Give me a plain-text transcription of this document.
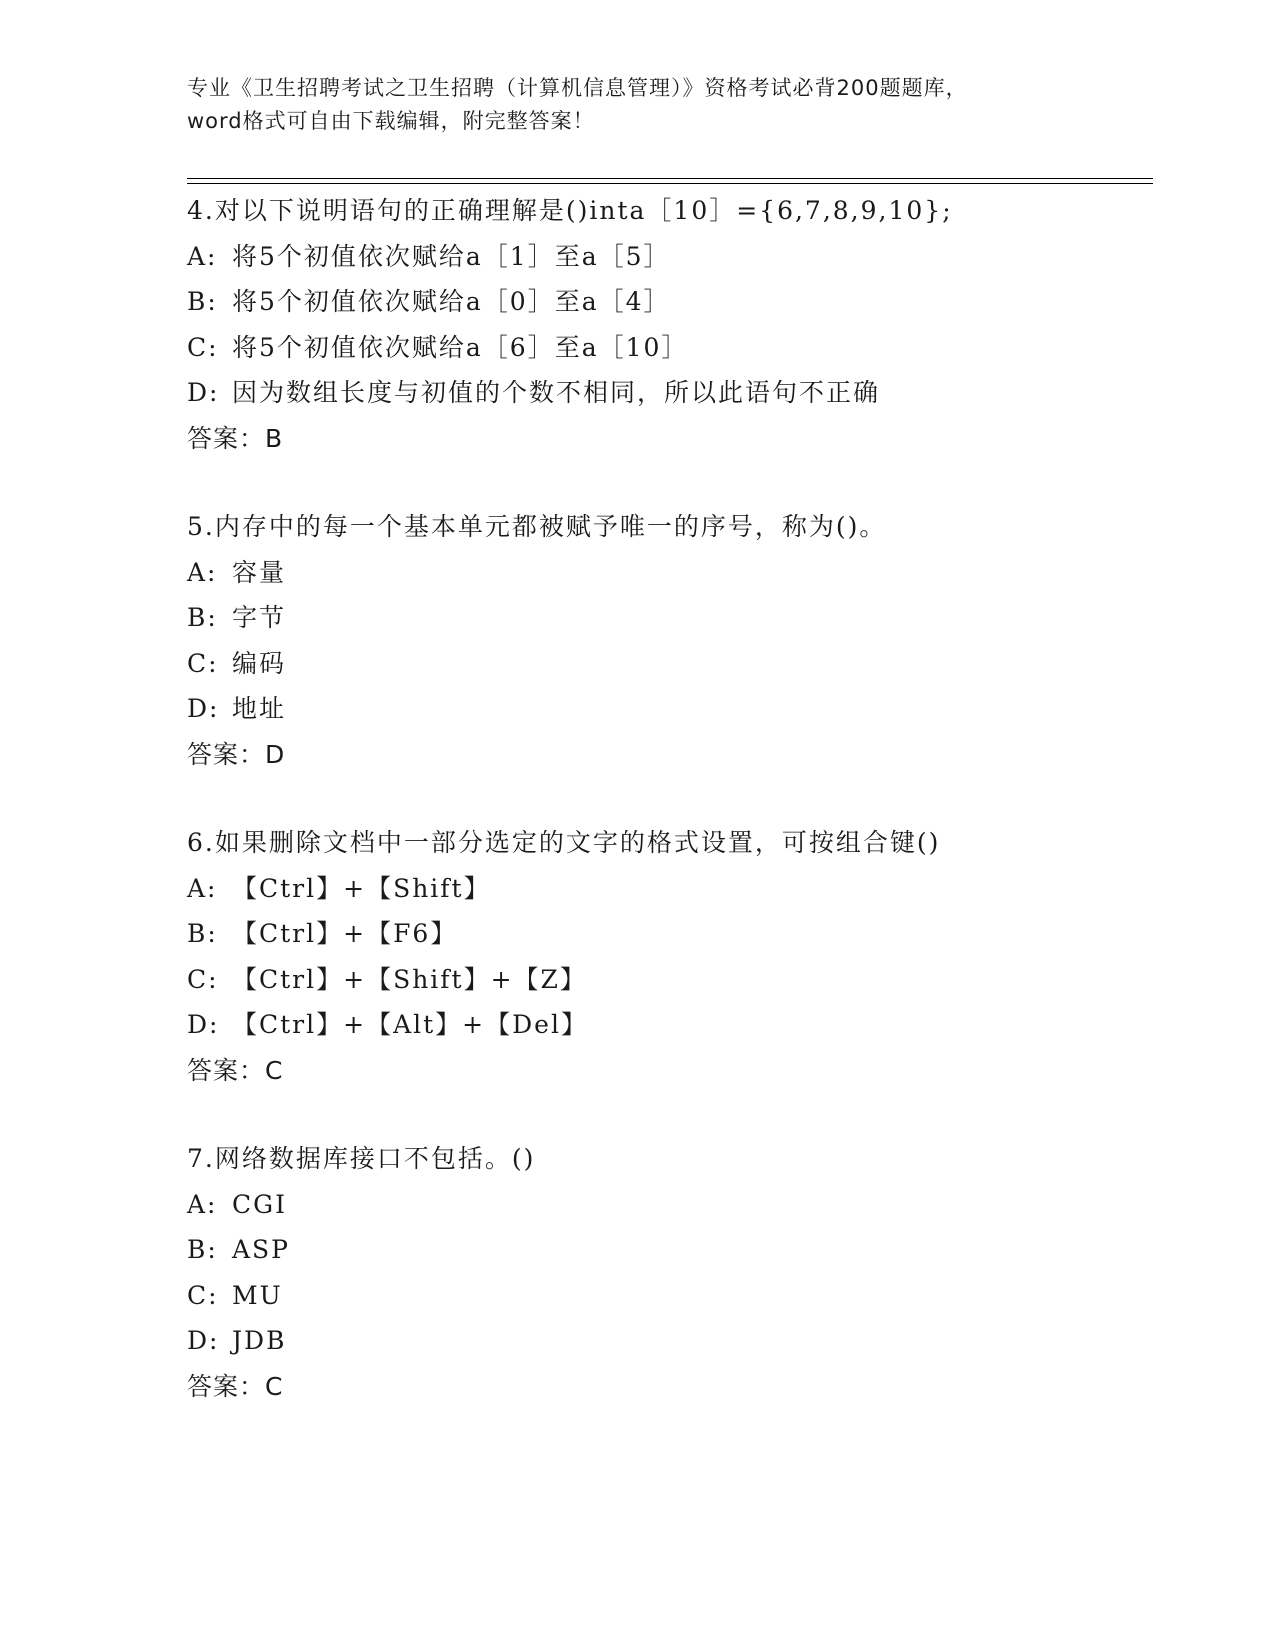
专业《卫生招聘考试之卫生招聘（计算机信息管理）》资格考试必背200题题库，
word格式可自由下载编辑，附完整答案！
4.对以下说明语句的正确理解是()inta［10］={6,7,8,9,10};
A: 将5个初值依次赋给a［1］至a［5］
B: 将5个初值依次赋给a［0］至a［4］
C: 将5个初值依次赋给a［6］至a［10］
D: 因为数组长度与初值的个数不相同，所以此语句不正确
答案：B
5.内存中的每一个基本单元都被赋予唯一的序号，称为()。
A: 容量
B: 字节
C: 编码
D: 地址
答案：D
6.如果删除文档中一部分选定的文字的格式设置，可按组合键()
A: 【Ctrl】+【Shift】
B: 【Ctrl】+【F6】
C: 【Ctrl】+【Shift】+【Z】
D: 【Ctrl】+【Alt】+【Del】
答案：C
7.网络数据库接口不包括。()
A: CGI
B: ASP
C: MU
D: JDB
答案：C
